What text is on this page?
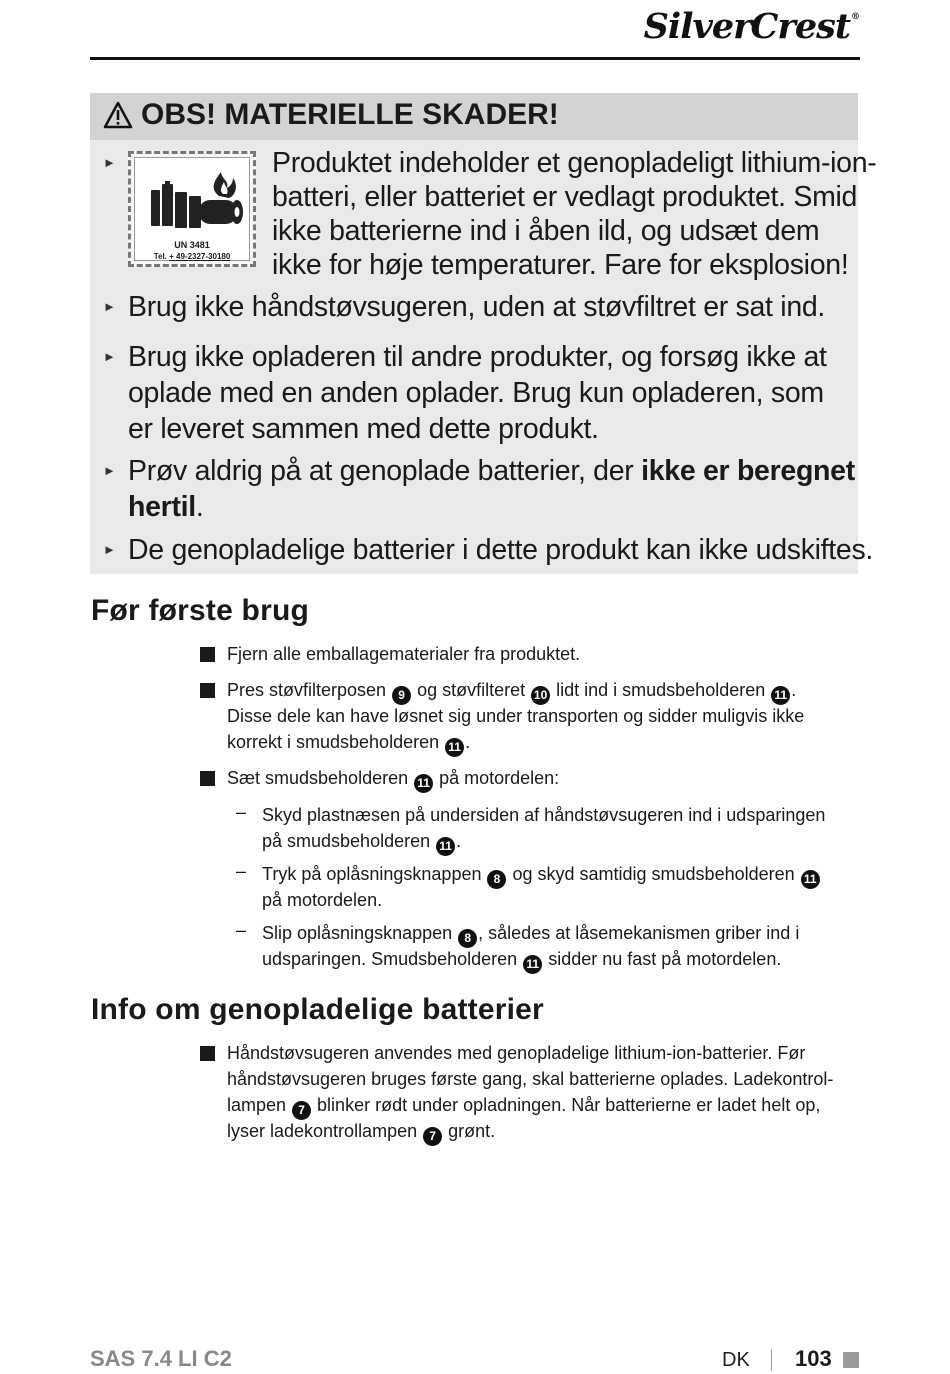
SilverCrest®
OBS! MATERIELLE SKADER!
►
UN 3481
Tel. + 49-2327-30180
Produktet indeholder et genopladeligt lithium-ion-
batteri, eller batteriet er vedlagt produktet. Smid
ikke batterierne ind i åben ild, og udsæt dem
ikke for høje temperaturer. Fare for eksplosion!
► Brug ikke håndstøvsugeren, uden at støvfiltret er sat ind.
► Brug ikke opladeren til andre produkter, og forsøg ikke at
oplade med en anden oplader. Brug kun opladeren, som
er leveret sammen med dette produkt.
► Prøv aldrig på at genoplade batterier, der ikke er beregnet
hertil.
► De genopladelige batterier i dette produkt kan ikke udskiftes.
Før første brug
Fjern alle emballagematerialer fra produktet.
Pres støvfilterposen 9 og støvfilteret 10 lidt ind i smudsbeholderen 11 .
Disse dele kan have løsnet sig under transporten og sidder muligvis ikke
korrekt i smudsbeholderen 11 .
Sæt smudsbeholderen 11 på motordelen:
– Skyd plastnæsen på undersiden af håndstøvsugeren ind i udsparingen
på smudsbeholderen 11 .
– Tryk på oplåsningsknappen 8 og skyd samtidig smudsbeholderen 11
på motordelen.
– Slip oplåsningsknappen 8 , således at låsemekanismen griber ind i
udsparingen. Smudsbeholderen 11 sidder nu fast på motordelen.
Info om genopladelige batterier
Håndstøvsugeren anvendes med genopladelige lithium-ion-batterier. Før
håndstøvsugeren bruges første gang, skal batterierne oplades. Ladekontrol-
lampen 7 blinker rødt under opladningen. Når batterierne er ladet helt op,
lyser ladekontrollampen 7 grønt.
SAS 7.4 LI C2	DK 103
